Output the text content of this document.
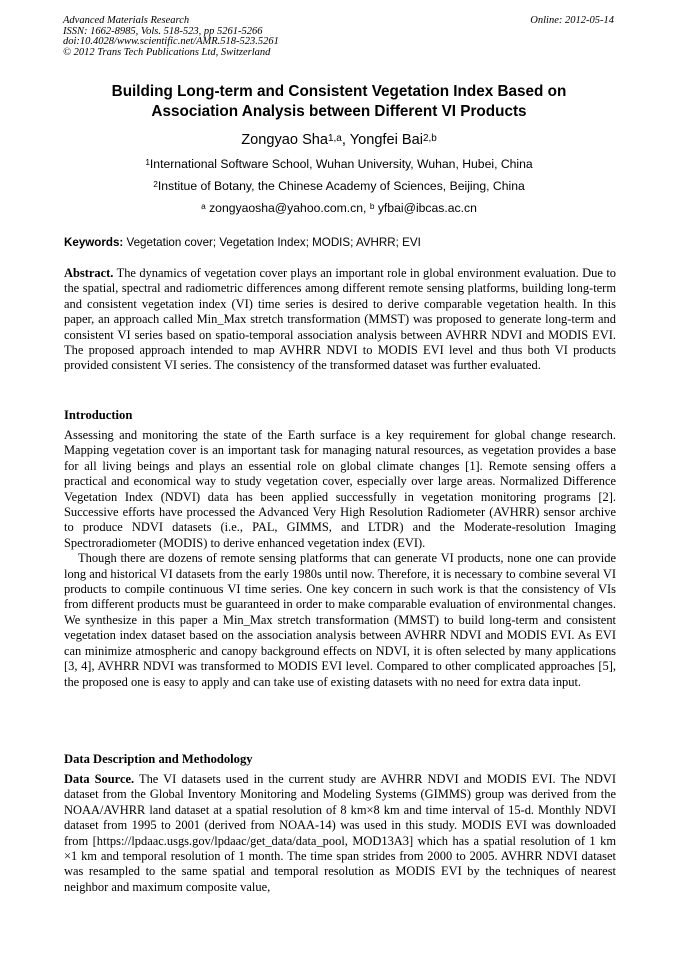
Advanced Materials Research
ISSN: 1662-8985, Vols. 518-523, pp 5261-5266
doi:10.4028/www.scientific.net/AMR.518-523.5261
© 2012 Trans Tech Publications Ltd, Switzerland
Online: 2012-05-14
Building Long-term and Consistent Vegetation Index Based on
Association Analysis between Different VI Products
Zongyao Sha$^{1,a}$, Yongfei Bai$^{2,b}$
$^1$International Software School, Wuhan University, Wuhan, Hubei, China
$^2$Institue of Botany, the Chinese Academy of Sciences, Beijing, China
$^a$ zongyaosha@yahoo.com.cn, $^b$ yfbai@ibcas.ac.cn
Keywords: Vegetation cover; Vegetation Index; MODIS; AVHRR; EVI
Abstract. The dynamics of vegetation cover plays an important role in global environment evaluation. Due to the spatial, spectral and radiometric differences among different remote sensing platforms, building long-term and consistent vegetation index (VI) time series is desired to derive comparable vegetation health. In this paper, an approach called Min_Max stretch transformation (MMST) was proposed to generate long-term and consistent VI series based on spatio-temporal association analysis between AVHRR NDVI and MODIS EVI. The proposed approach intended to map AVHRR NDVI to MODIS EVI level and thus both VI products provided consistent VI series. The consistency of the transformed dataset was further evaluated.
Introduction
Assessing and monitoring the state of the Earth surface is a key requirement for global change research. Mapping vegetation cover is an important task for managing natural resources, as vegetation provides a base for all living beings and plays an essential role on global climate changes [1]. Remote sensing offers a practical and economical way to study vegetation cover, especially over large areas. Normalized Difference Vegetation Index (NDVI) data has been applied successfully in vegetation monitoring programs [2]. Successive efforts have processed the Advanced Very High Resolution Radiometer (AVHRR) sensor archive to produce NDVI datasets (i.e., PAL, GIMMS, and LTDR) and the Moderate-resolution Imaging Spectroradiometer (MODIS) to derive enhanced vegetation index (EVI).
Though there are dozens of remote sensing platforms that can generate VI products, none one can provide long and historical VI datasets from the early 1980s until now. Therefore, it is necessary to combine several VI products to compile continuous VI time series. One key concern in such work is that the consistency of VIs from different products must be guaranteed in order to make comparable evaluation of environmental changes. We synthesize in this paper a Min_Max stretch transformation (MMST) to build long-term and consistent vegetation index dataset based on the association analysis between AVHRR NDVI and MODIS EVI. As EVI can minimize atmospheric and canopy background effects on NDVI, it is often selected by many applications [3, 4], AVHRR NDVI was transformed to MODIS EVI level. Compared to other complicated approaches [5], the proposed one is easy to apply and can take use of existing datasets with no need for extra data input.
Data Description and Methodology
Data Source. The VI datasets used in the current study are AVHRR NDVI and MODIS EVI. The NDVI dataset from the Global Inventory Monitoring and Modeling Systems (GIMMS) group was derived from the NOAA/AVHRR land dataset at a spatial resolution of 8 km×8 km and time interval of 15-d. Monthly NDVI dataset from 1995 to 2001 (derived from NOAA-14) was used in this study. MODIS EVI was downloaded from [https://lpdaac.usgs.gov/lpdaac/get_data/data_pool, MOD13A3] which has a spatial resolution of 1 km ×1 km and temporal resolution of 1 month. The time span strides from 2000 to 2005. AVHRR NDVI dataset was resampled to the same spatial and temporal resolution as MODIS EVI by the techniques of nearest neighbor and maximum composite value,
